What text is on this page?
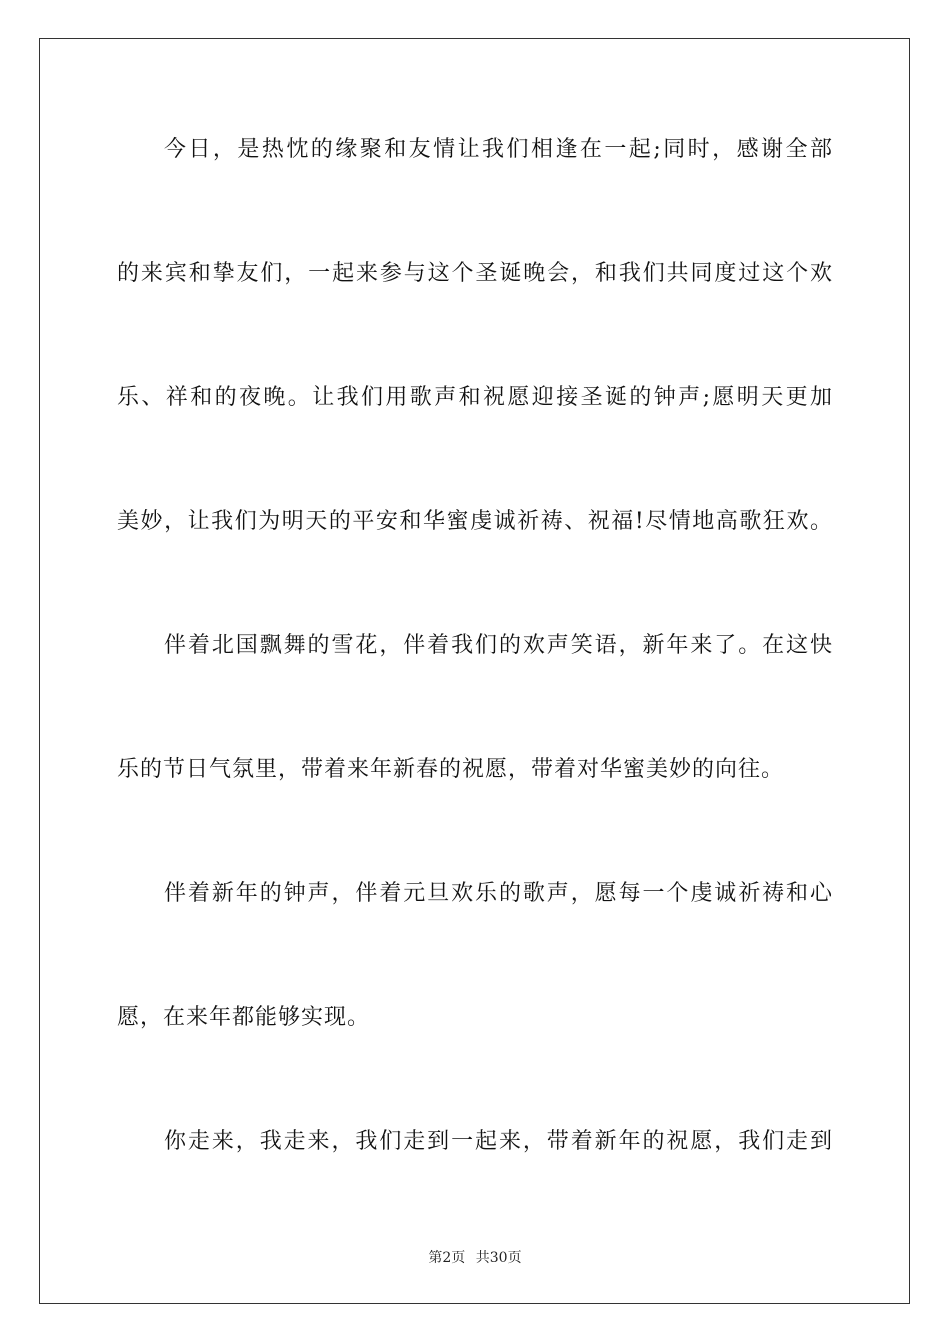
今日，是热忱的缘聚和友情让我们相逢在一起;同时，感谢全部
的来宾和挚友们，一起来参与这个圣诞晚会，和我们共同度过这个欢
乐、祥和的夜晚。让我们用歌声和祝愿迎接圣诞的钟声;愿明天更加
美妙，让我们为明天的平安和华蜜虔诚祈祷、祝福!尽情地高歌狂欢。
伴着北国飘舞的雪花，伴着我们的欢声笑语，新年来了。在这快
乐的节日气氛里，带着来年新春的祝愿，带着对华蜜美妙的向往。
伴着新年的钟声，伴着元旦欢乐的歌声，愿每一个虔诚祈祷和心
愿，在来年都能够实现。
你走来，我走来，我们走到一起来，带着新年的祝愿，我们走到
第2页 共30页
